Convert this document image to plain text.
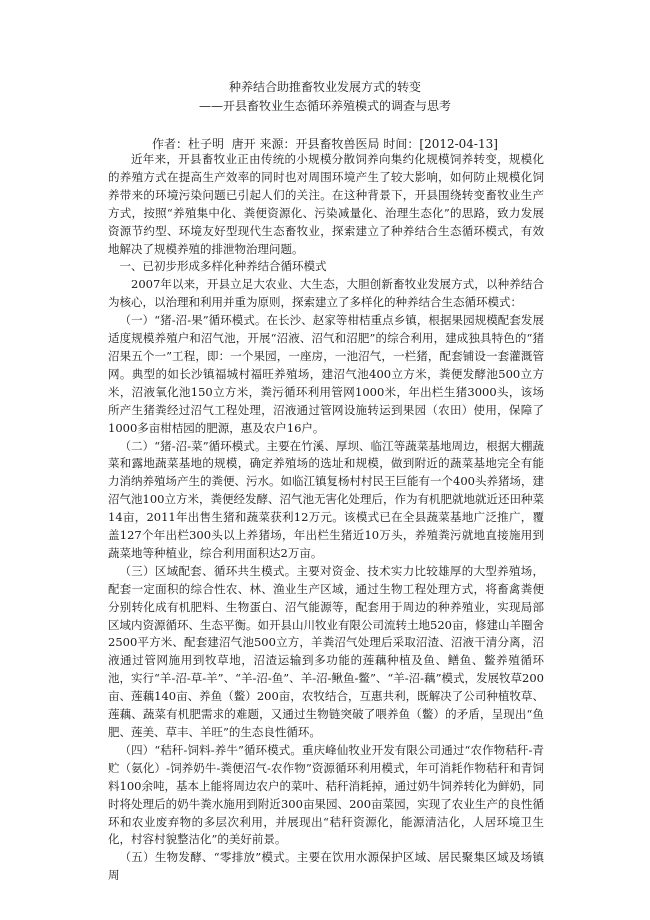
种养结合助推畜牧业发展方式的转变
——开县畜牧业生态循环养殖模式的调查与思考
作者：杜子明  唐开 来源：开县畜牧兽医局 时间：[2012-04-13]

近年来，开县畜牧业正由传统的小规模分散饲养向集约化规模饲养转变，规模化的养殖方式在提高生产效率的同时也对周围环境产生了较大影响，如何防止规模化饲养带来的环境污染问题已引起人们的关注。在这种背景下，开县围绕转变畜牧业生产方式，按照“养殖集中化、粪便资源化、污染减量化、治理生态化”的思路，致力发展资源节约型、环境友好型现代生态畜牧业，探索建立了种养结合生态循环模式，有效地解决了规模养殖的排泄物治理问题。

一、已初步形成多样化种养结合循环模式

2007年以来，开县立足大农业、大生态，大胆创新畜牧业发展方式，以种养结合为核心，以治理和利用并重为原则，探索建立了多样化的种养结合生态循环模式：

（一）“猪-沼-果”循环模式。在长沙、赵家等柑桔重点乡镇，根据果园规模配套发展适度规模养殖户和沼气池，开展“沼液、沼气和沼肥”的综合利用，建成独具特色的“猪沼果五个一”工程，即：一个果园，一座房，一池沼气，一栏猪，配套铺设一套灌溉管网。典型的如长沙镇福城村福旺养殖场，建沼气池400立方米，粪便发酵池500立方米，沼液氧化池150立方米，粪污循环利用管网1000米，年出栏生猪3000头，该场所产生猪粪经过沼气工程处理，沼液通过管网设施转运到果园（农田）使用，保障了1000多亩柑桔园的肥源，惠及农户16户。

（二）“猪-沼-菜”循环模式。主要在竹溪、厚坝、临江等蔬菜基地周边，根据大棚蔬菜和露地蔬菜基地的规模，确定养殖场的选址和规模，做到附近的蔬菜基地完全有能力消纳养殖场产生的粪便、污水。如临江镇复杨村村民王巨能有一个400头养猪场，建沼气池100立方米，粪便经发酵、沼气池无害化处理后，作为有机肥就地就近还田种菜14亩，2011年出售生猪和蔬菜获利12万元。该模式已在全县蔬菜基地广泛推广，覆盖127个年出栏300头以上养猪场，年出栏生猪近10万头，养殖粪污就地直接施用到蔬菜地等种植业，综合利用面积达2万亩。

（三）区域配套、循环共生模式。主要对资金、技术实力比较雄厚的大型养殖场，配套一定面积的综合性农、林、渔业生产区域，通过生物工程处理方式，将畜禽粪便分别转化成有机肥料、生物蛋白、沼气能源等，配套用于周边的种养殖业，实现局部区域内资源循环、生态平衡。如开县山川牧业有限公司流转土地520亩，修建山羊圈舍2500平方米、配套建沼气池500立方，羊粪沼气处理后采取沼渣、沼液干清分离，沼液通过管网施用到牧草地，沼渣运输到多功能的莲藕种植及鱼、鳝鱼、鳖养殖循环池，实行“羊-沼-草-羊”、“羊-沼-鱼”、羊-沼-鳅鱼-鳖”、“羊-沼-藕”模式，发展牧草200亩、莲藕140亩、养鱼（鳖）200亩，农牧结合，互惠共利，既解决了公司种植牧草、莲藕、蔬菜有机肥需求的难题，又通过生物链突破了喂养鱼（鳖）的矛盾，呈现出“鱼肥、莲美、草丰、羊旺”的生态良性循环。

（四）“秸秆-饲料-养牛”循环模式。重庆峰仙牧业开发有限公司通过“农作物秸秆-青贮（氨化）-饲养奶牛-粪便沼气-农作物”资源循环利用模式，年可消耗作物秸秆和青饲料100余吨，基本上能将周边农户的菜叶、秸秆消耗掉，通过奶牛饲养转化为鲜奶，同时将处理后的奶牛粪水施用到附近300亩果园、200亩菜园，实现了农业生产的良性循环和农业废弃物的多层次利用，并展现出“秸秆资源化，能源清洁化，人居环境卫生化，村容村貌整洁化”的美好前景。

（五）生物发酵、“零排放”模式。主要在饮用水源保护区域、居民聚集区域及场镇周
